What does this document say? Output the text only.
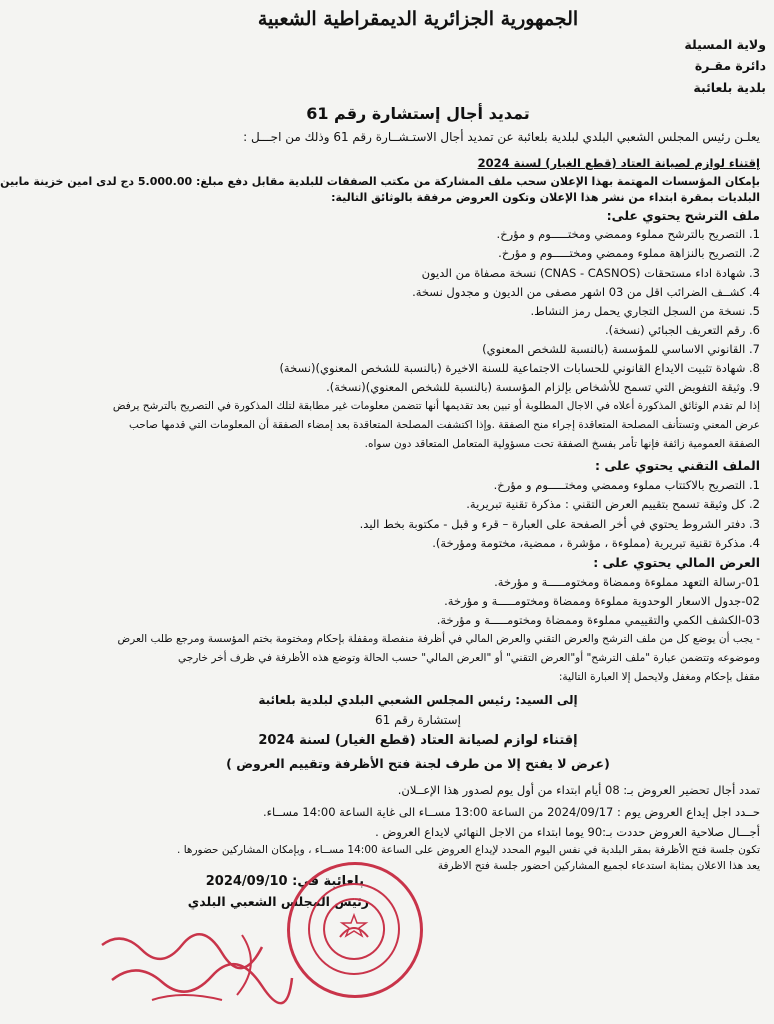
الجمهورية الجزائرية الديمقراطية الشعبية
ولاية المسيلة
دائرة مقـرة
بلدية بلعائبة
تمديد أجال إستشارة رقم 61
يعلـن رئيس المجلس الشعبي البلدي لبلدية بلعائبة عن تمديد أجال الاستـشــارة رقم 61 وذلك من اجـــل :
إقتناء لوازم لصيانة العتاد (قطع الغيار) لسنة 2024
بإمكان المؤسسات المهتمة بهذا الإعلان سحب ملف المشاركة من مكتب الصفقات للبلدية مقابل دفع مبلغ: 5.000.00 دج لدى امين خزينة مابين
البلديات بمقرة ابتداء من نشر هذا الإعلان وتكون العروض مرفقة بالوثائق التالية:
ملف الترشح يحتوي على:
1. التصريح بالترشح مملوء وممضي ومختـــــوم و مؤرخ.
2. التصريح بالنزاهة مملوء وممضي ومختـــــوم و مؤرخ.
3. شهادة اداء مستحقات (CNAS - CASNOS) نسخة مصفاة من الديون
4. كشــف الضرائب اقل من 03 اشهر مصفى من الديون و مجدول نسخة.
5. نسخة من السجل التجاري يحمل رمز النشاط.
6. رقم التعريف الجبائي (نسخة).
7. القانوني الاساسي للمؤسسة (بالنسبة للشخص المعنوي)
8. شهادة تثبيت الايداع القانوني للحسابات الاجتماعية للسنة الاخيرة (بالنسبة للشخص المعنوي)(نسخة)
9. وثيقة التفويض التي تسمح للأشخاص بإلزام المؤسسة (بالنسبة للشخص المعنوي)(نسخة).
إذا لم تقدم الوثائق المذكورة أعلاه في الاجال المطلوبة أو تبين بعد تقديمها أنها تتضمن معلومات غير مطابقة لتلك المذكورة في التصريح بالترشح يرفض
عرض المعني وتستأنف المصلحة المتعاقدة إجراء منح الصفقة .وإذا اكتشفت المصلحة المتعاقدة بعد إمضاء الصفقة أن المعلومات التي قدمها صاحب
الصفقة العمومية زائفة فإنها تأمر بفسخ الصفقة تحت مسؤولية المتعامل المتعاقد دون سواه.
الملف التقني يحتوي على :
1. التصريح بالاكتتاب مملوء وممضي ومختـــــوم و مؤرخ.
2. كل وثيقة تسمح بتقييم العرض التقني : مذكرة تقنية تبريرية.
3. دفتر الشروط يحتوي في أخر الصفحة على العبارة – قرء و قبل - مكتوبة بخط اليد.
4. مذكرة تقنية تبريرية (مملوءة ، مؤشرة ، ممضية، مختومة ومؤرخة).
العرض المالي يحتوي على :
01-رسالة التعهد مملوءة وممضاة ومختومـــــة و مؤرخة.
02-جدول الاسعار الوحدوية مملوءة وممضاة ومختومـــــة و مؤرخة.
03-الكشف الكمي والتقييمي مملوءة وممضاة ومختومـــــة و مؤرخة.
- يجب أن يوضع كل من ملف الترشح والعرض التقني والعرض المالي في أظرفة منفصلة ومقفلة بإحكام ومختومة بختم المؤسسة ومرجع طلب العرض
وموضوعه وتتضمن عبارة "ملف الترشح" أو"العرض التقني" أو "العرض المالي" حسب الحالة وتوضع هذه الأظرفة في ظرف أخر خارجي
مقفل بإحكام ومغفل ولايحمل إلا العبارة التالية:
إلى السيد: رئيس المجلس الشعبي البلدي لبلدية بلعائبة
إستشارة رقم 61
إقتناء لوازم لصيانة العتاد (قطع الغيار) لسنة 2024
(عرض لا يفتح إلا من طرف لجنة فتح الأظرفة وتقييم العروض )
تمدد أجال تحضير العروض بـ: 08 أيام ابتداء من أول يوم لصدور هذا الإعــلان.
حــدد اجل إيداع العروض يوم : 2024/09/17 من الساعة 13:00 مســاء الى غاية الساعة 14:00 مســاء.
أجـــال صلاحية العروض حددت بـ:90 يوما ابتداء من الاجل النهائي لايداع العروض .
تكون جلسة فتح الأظرفة بمقر البلدية في نفس اليوم المحدد لإيداع العروض على الساعة 14:00 مســاء ، وبإمكان المشاركين حضورها .
يعد هذا الاعلان بمثابة استدعاء لجميع المشاركين احضور جلسة فتح الاظرفة
بلعائبة في: 2024/09/10
رئيس المجلس الشعبي البلدي
